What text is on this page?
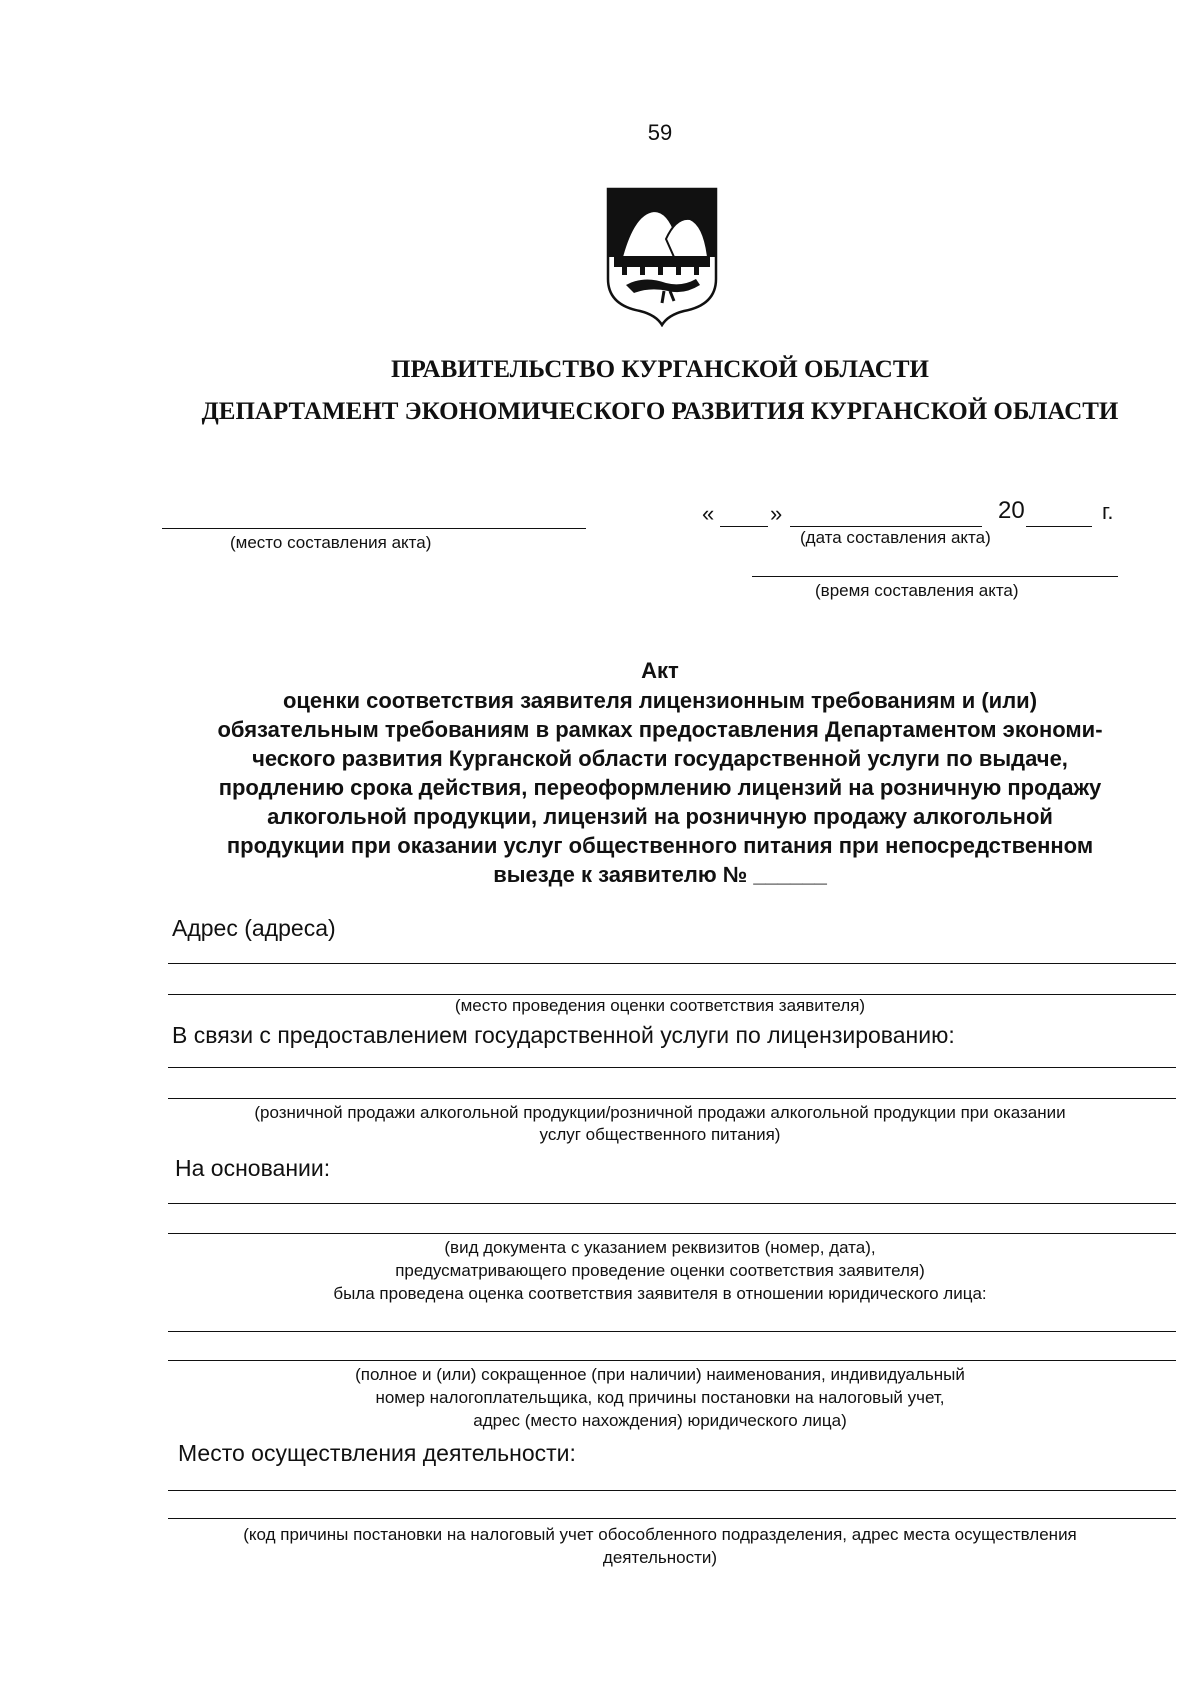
59
ПРАВИТЕЛЬСТВО КУРГАНСКОЙ ОБЛАСТИ
ДЕПАРТАМЕНТ ЭКОНОМИЧЕСКОГО РАЗВИТИЯ КУРГАНСКОЙ ОБЛАСТИ
(место составления акта)
«	»	20	г.
(дата составления акта)
(время составления акта)
Акт
оценки соответствия заявителя лицензионным требованиям и (или)
обязательным требованиям в рамках предоставления Департаментом экономи-
ческого развития Курганской области государственной услуги по выдаче,
продлению срока действия, переоформлению лицензий на розничную продажу
алкогольной продукции, лицензий на розничную продажу алкогольной
продукции при оказании услуг общественного питания при непосредственном
выезде к заявителю № ______
Адрес (адреса)
(место проведения оценки соответствия заявителя)
В связи с предоставлением государственной услуги по лицензированию:
(розничной продажи алкогольной продукции/розничной продажи алкогольной продукции при оказании
услуг общественного питания)
На основании:
(вид документа с указанием реквизитов (номер, дата),
предусматривающего проведение оценки соответствия заявителя)
была проведена оценка соответствия заявителя в отношении юридического лица:
(полное и (или) сокращенное (при наличии) наименования, индивидуальный
номер налогоплательщика, код причины постановки на налоговый учет,
адрес (место нахождения) юридического лица)
Место осуществления деятельности:
(код причины постановки на налоговый учет обособленного подразделения, адрес места осуществления
деятельности)
